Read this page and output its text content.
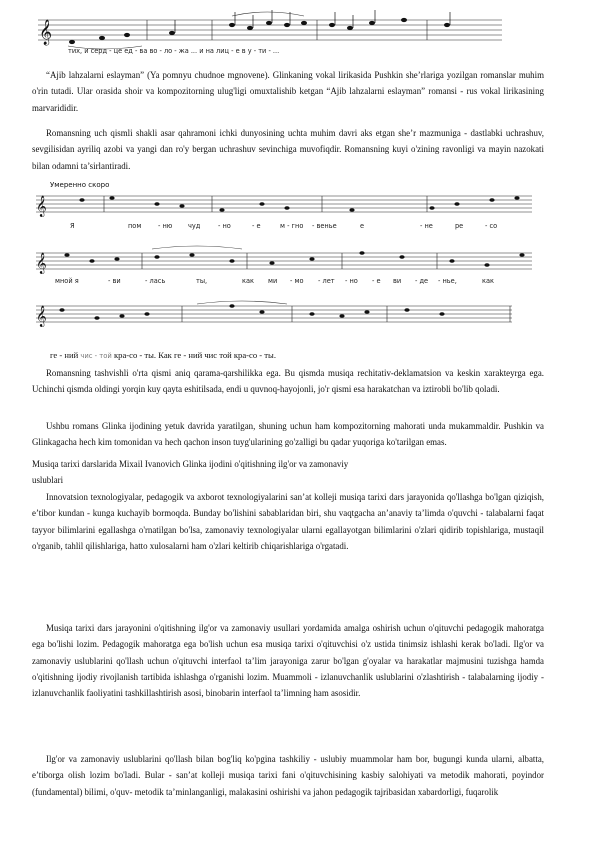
𝄞
тих, и серд - це ед - ва во - ло - жа ... и на лиц - е в у - ти - ...
“Ajib lahzalarni eslayman” (Ya pomnyu chudnoe mgnovene). Glinkaning vokal lirikasida Pushkin she’rlariga yozilgan romanslar muhim o'rin tutadi. Ular orasida shoir va kompozitorning ulug'ligi omuxtalishib ketgan “Ajib lahzalarni eslayman” romansi - rus vokal lirikasining marvarididir.
Romansning uch qismli shakli asar qahramoni ichki dunyosining uchta muhim davri aks etgan she’r mazmuniga - dastlabki uchrashuv, sevgilisidan ayriliq azobi va yangi dan ro'y bergan uchrashuv sevinchiga muvofiqdir. Romansning kuyi o'zining ravonligi va mayin nazokati bilan odamni ta’sirlantiradi.
Умеренно скоро
𝄞
Я	пом	- ню чуд	- но	- е	м - гно - венье	е	- не	ре	- со
𝄞
мной я	- ви	- лась	ты,	как ми - мо - лет - но - е ви - де - нье,	как
𝄞
ге - ний чис - той кра-со - ты. Как ге - ний чис той кра-со - ты.
Romansning tashvishli o'rta qismi aniq qarama-qarshilikka ega. Bu qismda musiqa rechitativ-deklamatsion va keskin xarakteyrga ega. Uchinchi qismda oldingi yorqin kuy qayta eshitilsada, endi u quvnoq-hayojonli, jo'r qismi esa harakatchan va iztirobli bo'lib qoladi.
Ushbu romans Glinka ijodining yetuk davrida yaratilgan, shuning uchun ham kompozitorning mahorati unda mukammaldir. Pushkin va Glinkagacha hech kim tomonidan va hech qachon inson tuyg'ularining go'zalligi bu qadar yuqoriga ko'tarilgan emas.
Musiqa tarixi darslarida Mixail Ivanovich Glinka ijodini o'qitishning ilg'or va zamonaviy
uslublari
Innovatsion texnologiyalar, pedagogik va axborot texnologiyalarini san’at kolleji musiqa tarixi dars jarayonida qo'llashga bo'lgan qiziqish, e’tibor kundan - kunga kuchayib bormoqda. Bunday bo'lishini sabablaridan biri, shu vaqtgacha an’anaviy ta’limda o'quvchi - talabalarni faqat tayyor bilimlarini egallashga o'rnatilgan bo'lsa, zamonaviy texnologiyalar ularni egallayotgan bilimlarini o'zlari qidirib topishlariga, mustaqil o'rganib, tahlil qilishlariga, hatto xulosalarni ham o'zlari keltirib chiqarishlariga o'rgatadi.
Musiqa tarixi dars jarayonini o'qitishning ilg'or va zamonaviy usullari yordamida amalga oshirish uchun o'qituvchi pedagogik mahoratga ega bo'lishi lozim. Pedagogik mahoratga ega bo'lish uchun esa musiqa tarixi o'qituvchisi o'z ustida tinimsiz ishlashi kerak bo'ladi. Ilg'or va zamonaviy uslublarini qo'llash uchun o'qituvchi interfaol ta’lim jarayoniga zarur bo'lgan g'oyalar va harakatlar majmusini tuzishga hamda o'qitishning ijodiy rivojlanish tartibida ishlashga o'rganishi lozim. Muammoli - izlanuvchanlik uslublarini o'zlashtirish - talabalarning ijodiy - izlanuvchanlik faoliyatini tashkillashtirish asosi, binobarin interfaol ta’limning ham asosidir.
Ilg'or va zamonaviy uslublarini qo'llash bilan bog'liq ko'pgina tashkiliy - uslubiy muammolar ham bor, bugungi kunda ularni, albatta, e’tiborga olish lozim bo'ladi. Bular - san’at kolleji musiqa tarixi fani o'qituvchisining kasbiy salohiyati va metodik mahorati, poyindor (fundamental) bilimi, o'quv- metodik ta’minlanganligi, malakasini oshirishi va jahon pedagogik tajribasidan xabardorligi, fuqarolik
